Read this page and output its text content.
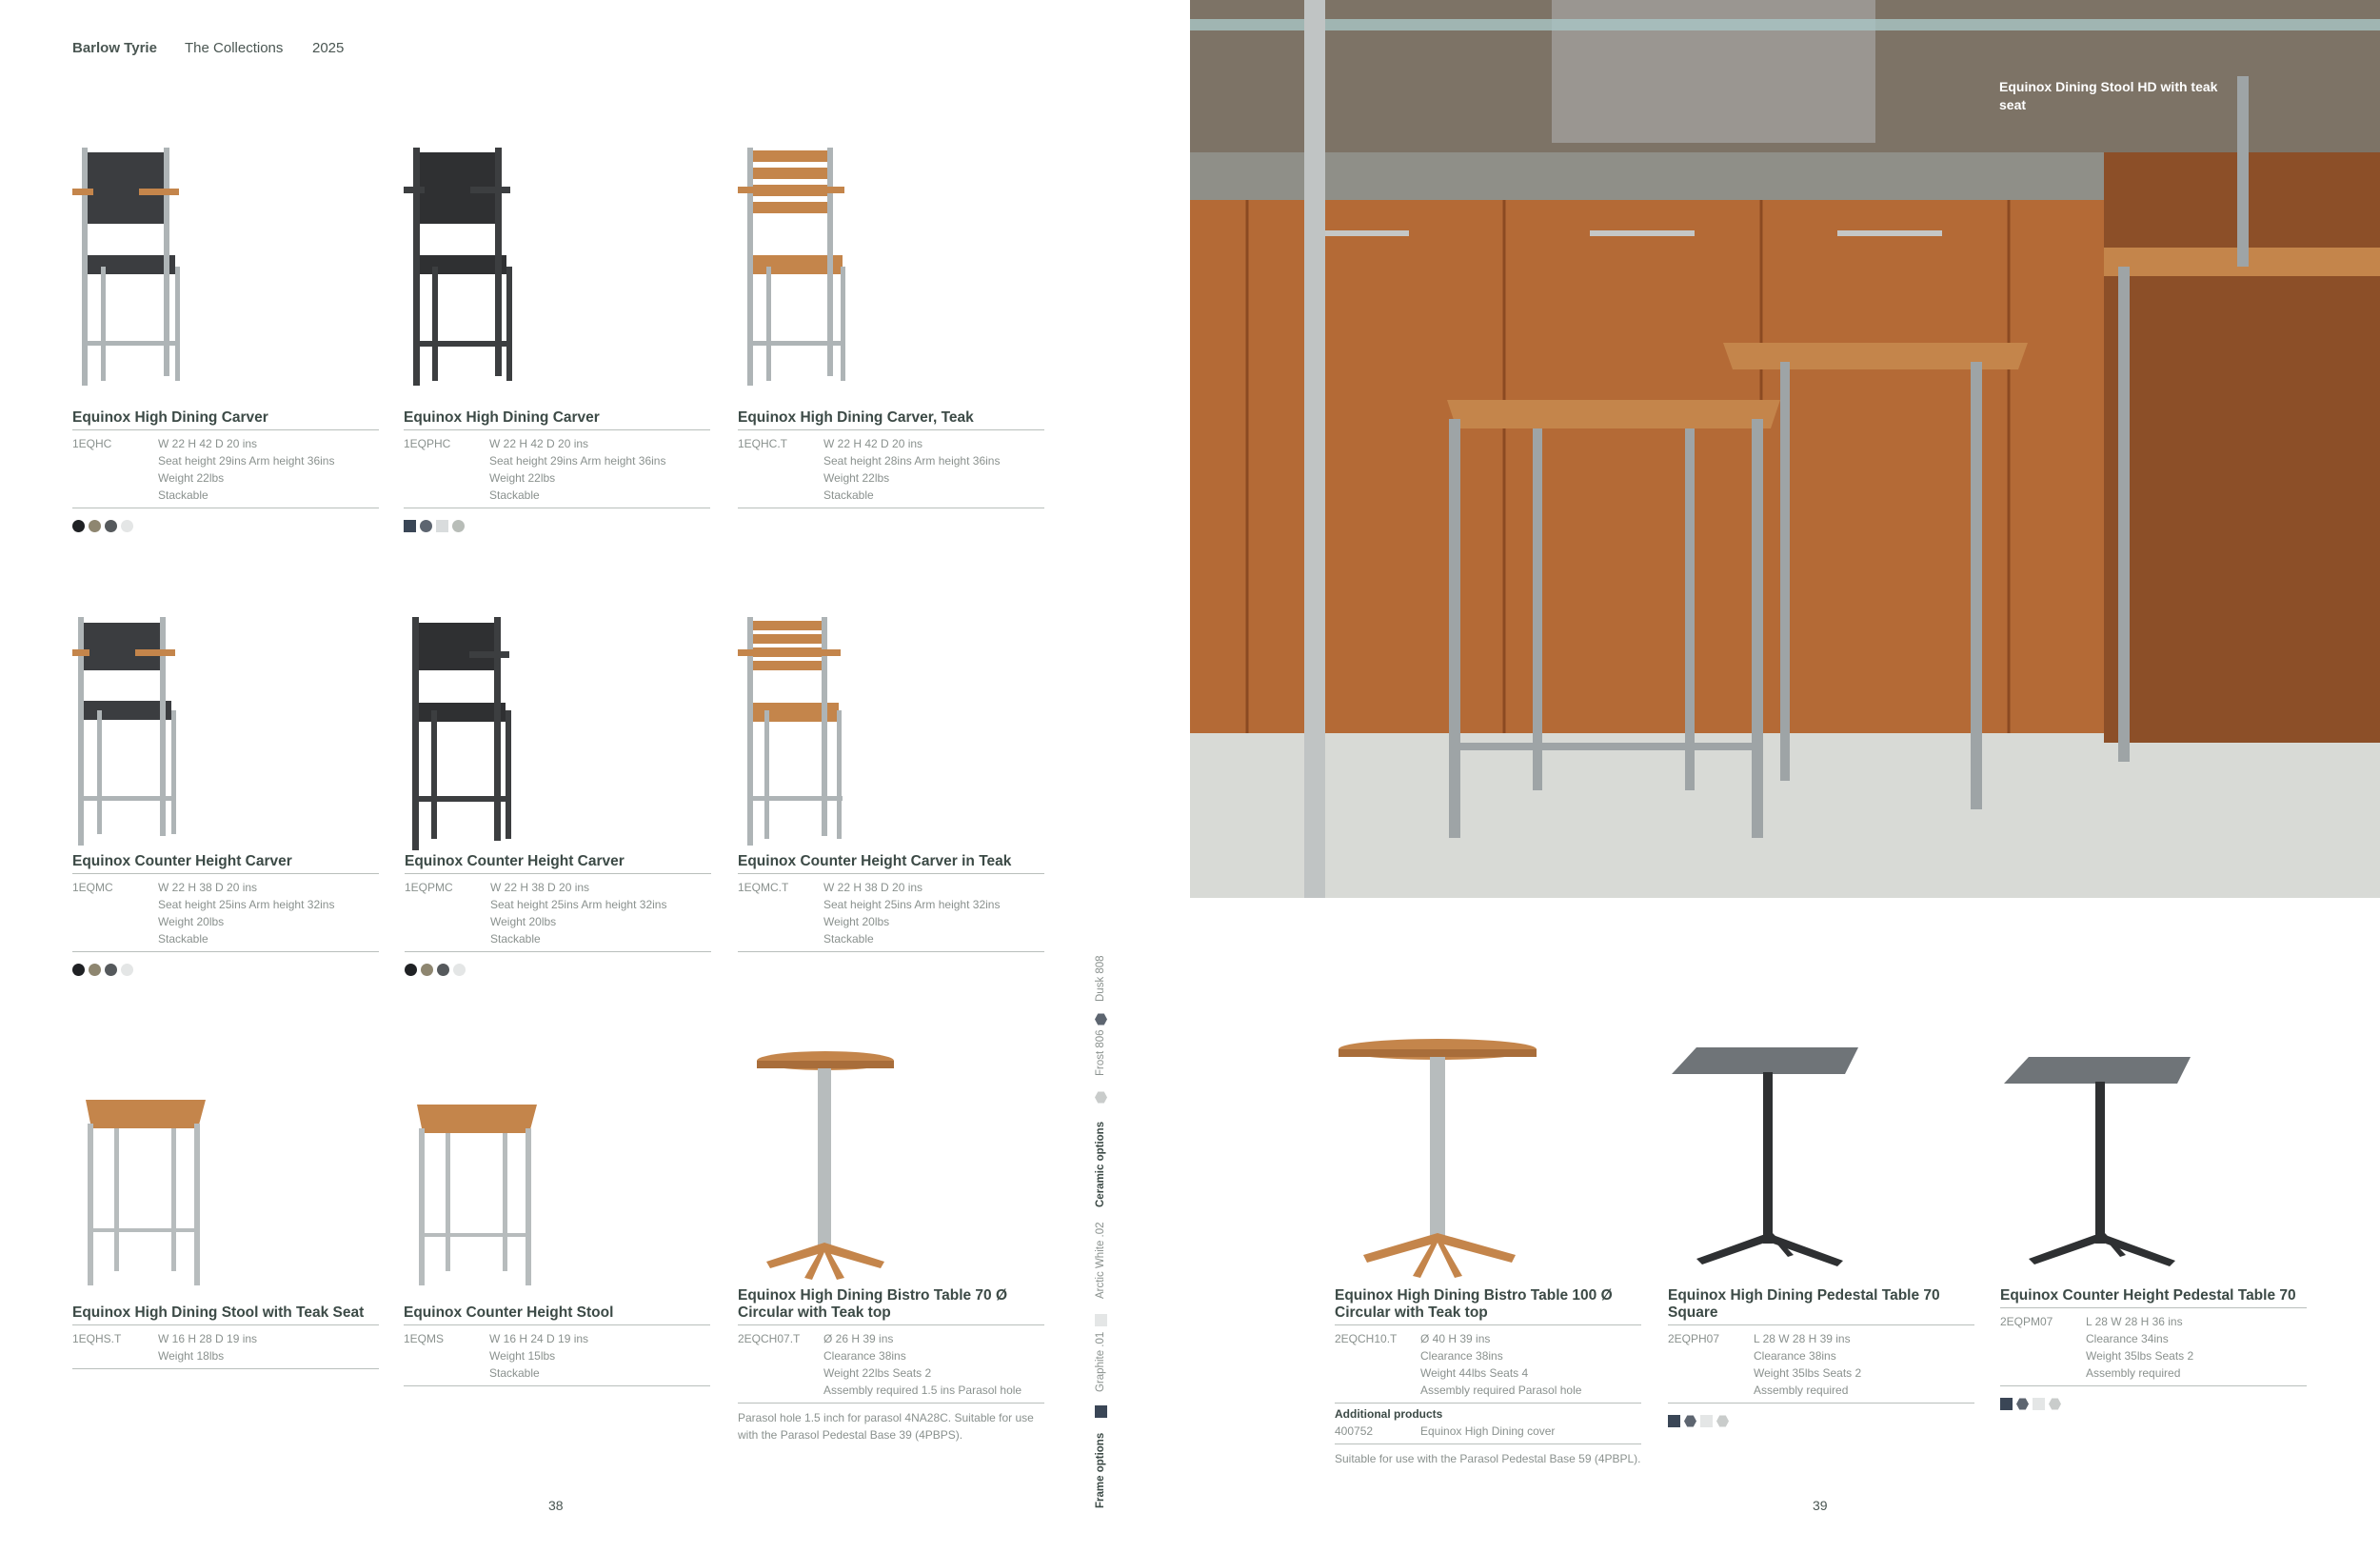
Barlow Tyrie The Collections 2025
Equinox High Dining Carver
1EQHC	W 22 H 42 D 20 ins
Seat height 29ins Arm height 36ins
Weight 22lbs
Stackable
Equinox High Dining Carver
1EQPHC	W 22 H 42 D 20 ins
Seat height 29ins Arm height 36ins
Weight 22lbs
Stackable
Equinox High Dining Carver, Teak
1EQHC.T	W 22 H 42 D 20 ins
Seat height 28ins Arm height 36ins
Weight 22lbs
Stackable
Equinox Counter Height Carver
1EQMC	W 22 H 38 D 20 ins
Seat height 25ins Arm height 32ins
Weight 20lbs
Stackable
Equinox Counter Height Carver
1EQPMC	W 22 H 38 D 20 ins
Seat height 25ins Arm height 32ins
Weight 20lbs
Stackable
Equinox Counter Height Carver in Teak
1EQMC.T	W 22 H 38 D 20 ins
Seat height 25ins Arm height 32ins
Weight 20lbs
Stackable
Equinox High Dining Stool with Teak Seat
1EQHS.T	W 16 H 28 D 19 ins
Weight 18lbs
Equinox Counter Height Stool
1EQMS	W 16 H 24 D 19 ins
Weight 15lbs
Stackable
Equinox High Dining Bistro Table 70 Ø Circular with Teak top
2EQCH07.T	Ø 26 H 39 ins
Clearance 38ins
Weight 22lbs Seats 2
Assembly required 1.5 ins Parasol hole
Parasol hole 1.5 inch for parasol 4NA28C. Suitable for use with the Parasol Pedestal Base 39 (4PBPS).	Frame options
Graphite .01
Arctic White .02
Ceramic options
Frost 806
Dusk 808
38
Equinox Dining Stool HD with teak seat
Equinox High Dining Bistro Table 100 Ø Circular with Teak top
2EQCH10.T	Ø 40 H 39 ins
Clearance 38ins
Weight 44lbs Seats 4
Assembly required Parasol hole
Additional products
400752	Equinox High Dining cover
Suitable for use with the Parasol Pedestal Base 59 (4PBPL).
Equinox High Dining Pedestal Table 70 Square
2EQPH07	L 28 W 28 H 39 ins
Clearance 38ins
Weight 35lbs Seats 2
Assembly required
Equinox Counter Height Pedestal Table 70
2EQPM07	L 28 W 28 H 36 ins
Clearance 34ins
Weight 35lbs Seats 2
Assembly required
39
